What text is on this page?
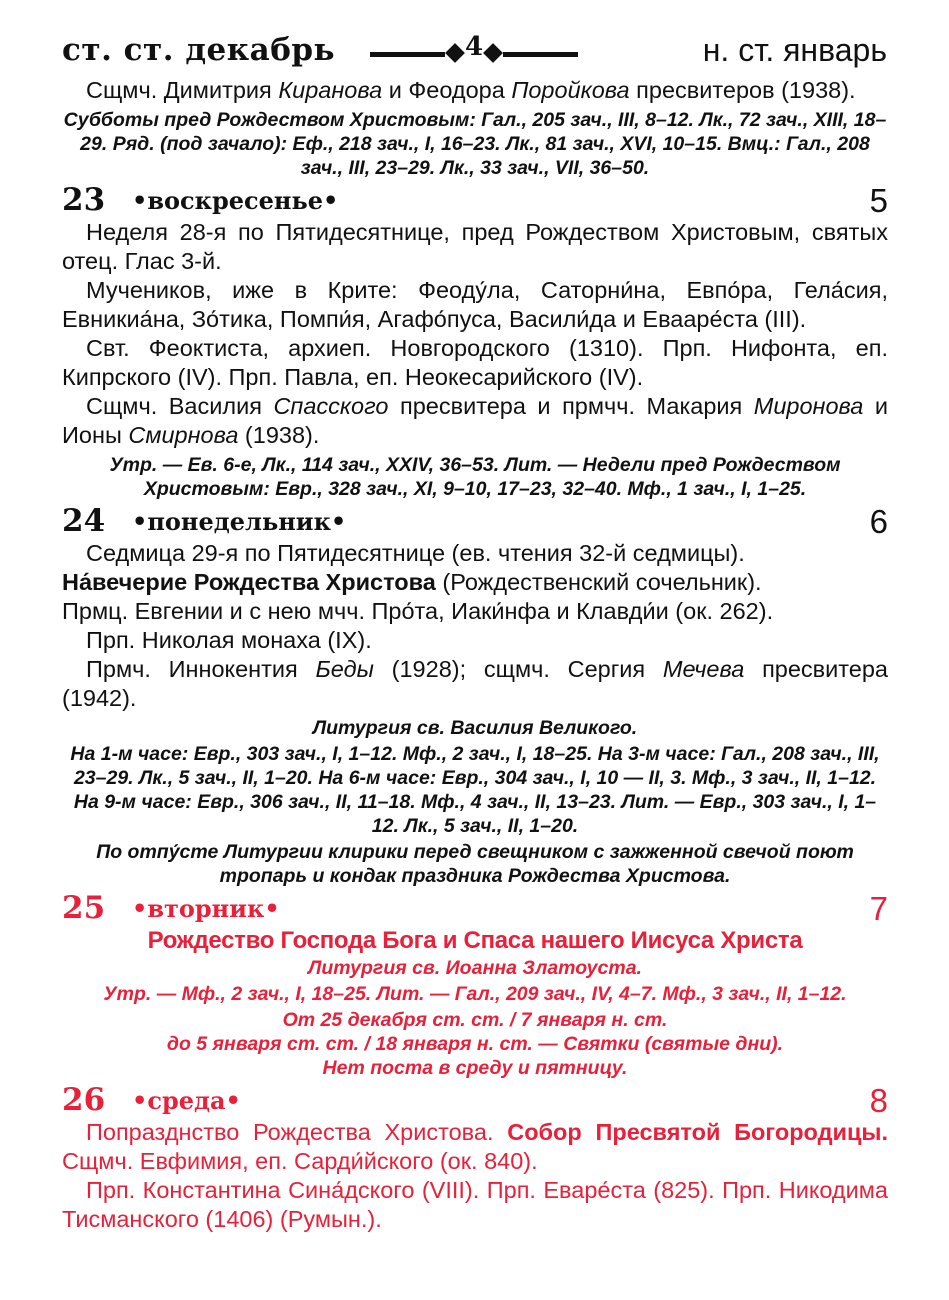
ст. ст. декабрь	4	н. ст. январь

Сщмч. Димитрия Киранова и Феодора Поройкова пресвитеров (1938).

Субботы пред Рождеством Христовым: Гал., 205 зач., III, 8–12. Лк., 72 зач., XIII, 18–29. Ряд. (под зачало): Еф., 218 зач., I, 16–23. Лк., 81 зач., XVI, 10–15. Вмц.: Гал., 208 зач., III, 23–29. Лк., 33 зач., VII, 36–50.

23 •воскресенье•	5

Неделя 28-я по Пятидесятнице, пред Рождеством Христовым, святых отец. Глас 3-й.

Мучеников, иже в Крите: Феоду́ла, Саторни́на, Евпо́ра, Гела́сия, Евникиа́на, Зо́тика, Помпи́я, Агафо́пуса, Васили́да и Евааре́ста (III).

Свт. Феоктиста, архиеп. Новгородского (1310). Прп. Нифонта, еп. Кипрского (IV). Прп. Павла, еп. Неокесарийского (IV).

Сщмч. Василия Спасского пресвитера и прмчч. Макария Миронова и Ионы Смирнова (1938).

Утр. — Ев. 6-е, Лк., 114 зач., XXIV, 36–53. Лит. — Недели пред Рождеством Христовым: Евр., 328 зач., XI, 9–10, 17–23, 32–40. Мф., 1 зач., I, 1–25.

24 •понедельник•	6

Седмица 29-я по Пятидесятнице (ев. чтения 32-й седмицы).

На́вечерие Рождества Христова (Рождественский сочельник).

Прмц. Евгении и с нею мчч. Про́та, Иаки́нфа и Клавди́и (ок. 262).

Прп. Николая монаха (IX).

Прмч. Иннокентия Беды (1928); сщмч. Сергия Мечева пресвитера (1942).

Литургия св. Василия Великого.

На 1-м часе: Евр., 303 зач., I, 1–12. Мф., 2 зач., I, 18–25. На 3-м часе: Гал., 208 зач., III, 23–29. Лк., 5 зач., II, 1–20. На 6-м часе: Евр., 304 зач., I, 10 — II, 3. Мф., 3 зач., II, 1–12. На 9-м часе: Евр., 306 зач., II, 11–18. Мф., 4 зач., II, 13–23. Лит. — Евр., 303 зач., I, 1–12. Лк., 5 зач., II, 1–20.

По отпу́сте Литургии клирики перед свещником с зажженной свечой поют тропарь и кондак праздника Рождества Христова.

25 •вторник•	7

Рождество Господа Бога и Спаса нашего Иисуса Христа

Литургия св. Иоанна Златоуста.

Утр. — Мф., 2 зач., I, 18–25. Лит. — Гал., 209 зач., IV, 4–7. Мф., 3 зач., II, 1–12.

От 25 декабря ст. ст. / 7 января н. ст.

до 5 января ст. ст. / 18 января н. ст. — Святки (святые дни).

Нет поста в среду и пятницу.

26 •среда•	8

Попразднство Рождества Христова. Собор Пресвятой Богородицы. Сщмч. Евфимия, еп. Сарди́йского (ок. 840).

Прп. Константина Сина́дского (VIII). Прп. Еваре́ста (825). Прп. Никодима Тисманского (1406) (Румын.).
